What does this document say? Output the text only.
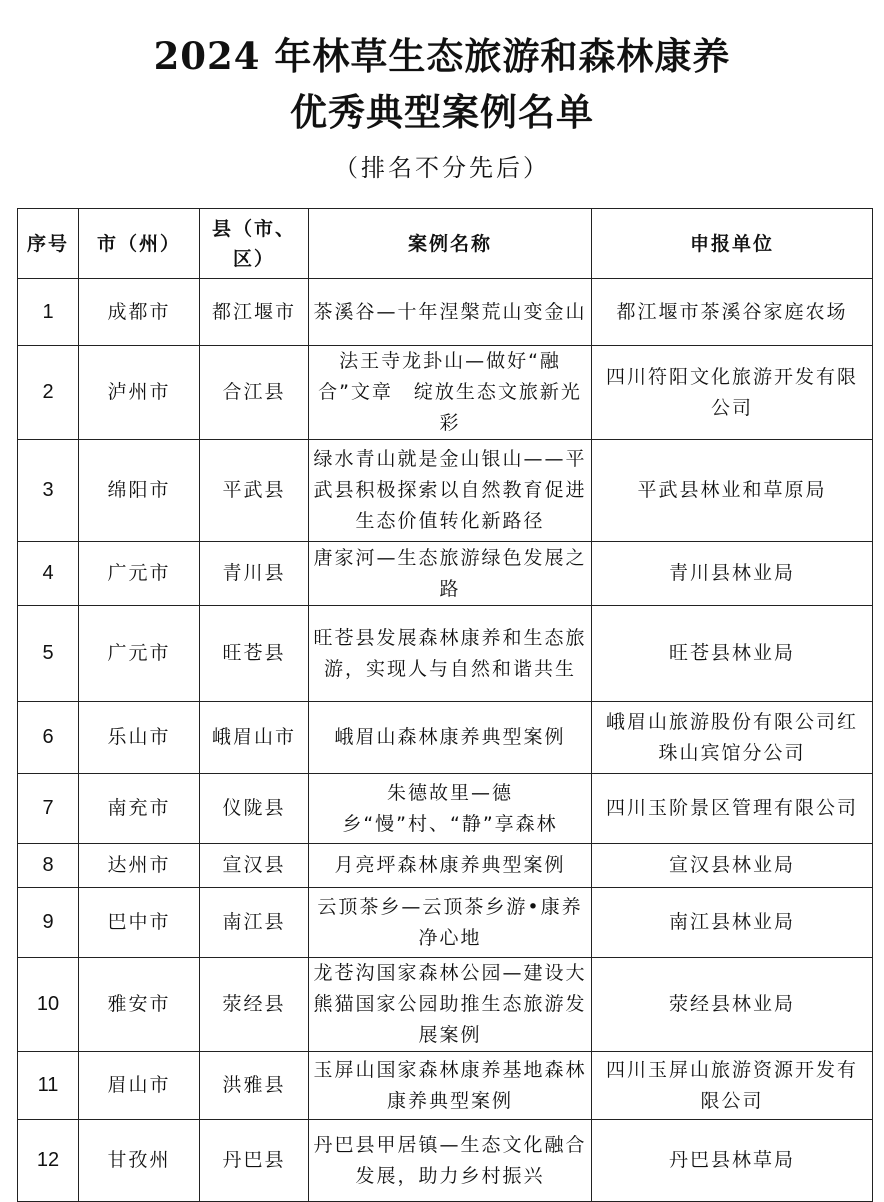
2024 年林草生态旅游和森林康养
优秀典型案例名单
（排名不分先后）
序号	市（州）	县（市、区）	案例名称	申报单位
1	成都市	都江堰市	茶溪谷—十年涅槃荒山变金山	都江堰市茶溪谷家庭农场
2	泸州市	合江县	法王寺龙卦山—做好“融合”文章　绽放生态文旅新光彩	四川符阳文化旅游开发有限公司
3	绵阳市	平武县	绿水青山就是金山银山——平武县积极探索以自然教育促进生态价值转化新路径	平武县林业和草原局
4	广元市	青川县	唐家河—生态旅游绿色发展之路	青川县林业局
5	广元市	旺苍县	旺苍县发展森林康养和生态旅游，实现人与自然和谐共生	旺苍县林业局
6	乐山市	峨眉山市	峨眉山森林康养典型案例	峨眉山旅游股份有限公司红珠山宾馆分公司
7	南充市	仪陇县	朱德故里—德乡“慢”村、“静”享森林	四川玉阶景区管理有限公司
8	达州市	宣汉县	月亮坪森林康养典型案例	宣汉县林业局
9	巴中市	南江县	云顶茶乡—云顶茶乡游•康养净心地	南江县林业局
10	雅安市	荥经县	龙苍沟国家森林公园—建设大熊猫国家公园助推生态旅游发展案例	荥经县林业局
11	眉山市	洪雅县	玉屏山国家森林康养基地森林康养典型案例	四川玉屏山旅游资源开发有限公司
12	甘孜州	丹巴县	丹巴县甲居镇—生态文化融合发展，助力乡村振兴	丹巴县林草局
